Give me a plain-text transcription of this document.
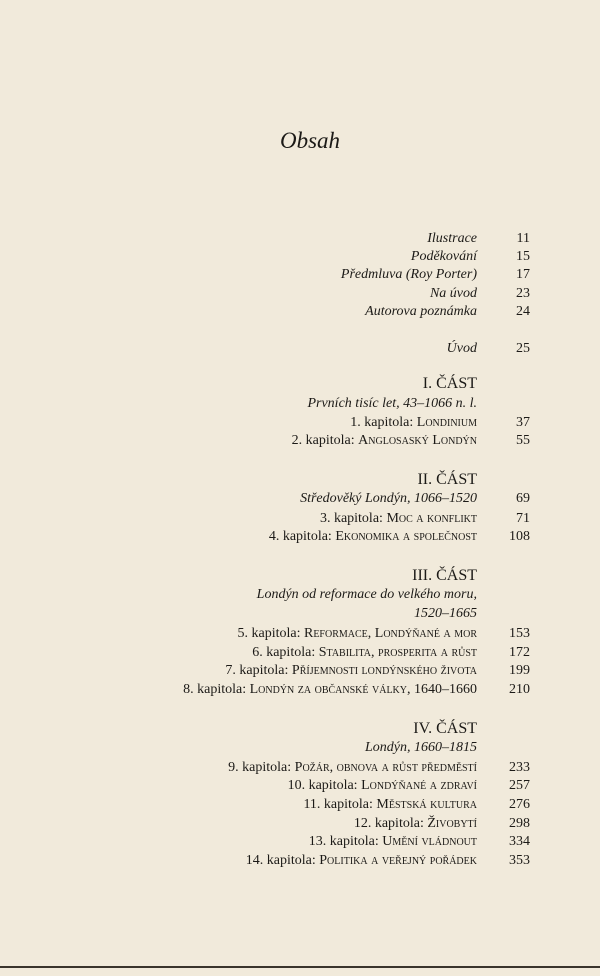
Obsah
Ilustrace	11
Poděkování	15
Předmluva (Roy Porter)	17
Na úvod	23
Autorova poznámka	24
Úvod	25
I. ČÁST
Prvních tisíc let, 43–1066 n. l.
1. kapitola: Londinium	37
2. kapitola: Anglosaský Londýn	55
II. ČÁST
Středověký Londýn, 1066–1520	69
3. kapitola: Moc a konflikt	71
4. kapitola: Ekonomika a společnost	108
III. ČÁST
Londýn od reformace do velkého moru,
1520–1665
5. kapitola: Reformace, Londýňané a mor	153
6. kapitola: Stabilita, prosperita a růst	172
7. kapitola: Příjemnosti londýnského života	199
8. kapitola: Londýn za občanské války, 1640–1660	210
IV. ČÁST
Londýn, 1660–1815
9. kapitola: Požár, obnova a růst předměstí	233
10. kapitola: Londýňané a zdraví	257
11. kapitola: Městská kultura	276
12. kapitola: Živobytí	298
13. kapitola: Umění vládnout	334
14. kapitola: Politika a veřejný pořádek	353
